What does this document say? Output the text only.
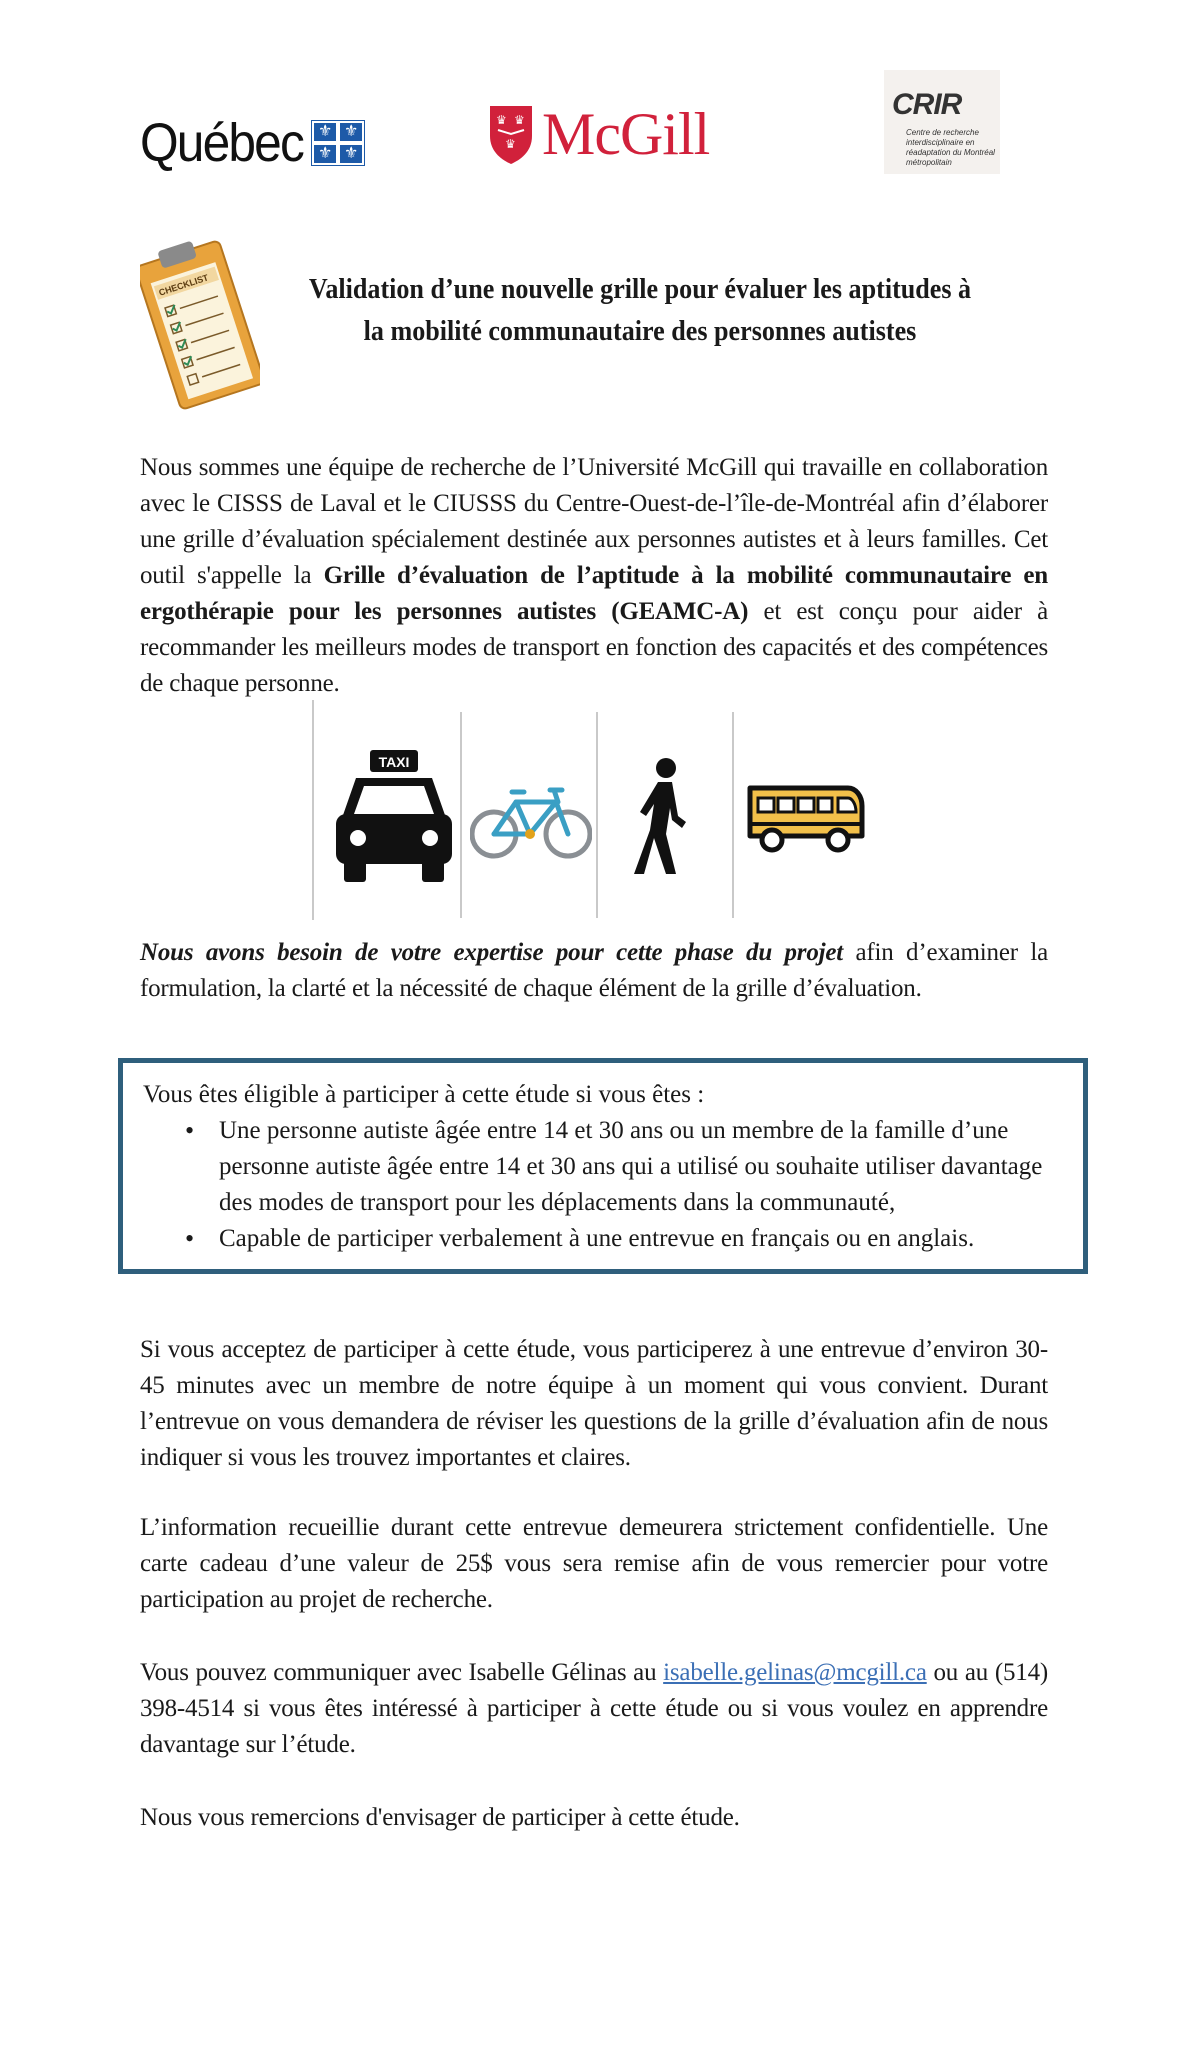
Québec ⚜ ⚜
⚜ ⚜
♛ ♛
♛ McGill	CRIR
Centre de recherche interdisciplinaire en réadaptation du Montréal métropolitain
CHECKLIST	Validation d’une nouvelle grille pour évaluer les aptitudes à
la mobilité communautaire des personnes autistes
Nous sommes une équipe de recherche de l’Université McGill qui travaille en collaboration avec le CISSS de Laval et le CIUSSS du Centre-Ouest-de-l’île-de-Montréal afin d’élaborer une grille d’évaluation spécialement destinée aux personnes autistes et à leurs familles. Cet outil s'appelle la Grille d’évaluation de l’aptitude à la mobilité communautaire en ergothérapie pour les personnes autistes (GEAMC-A) et est conçu pour aider à recommander les meilleurs modes de transport en fonction des capacités et des compétences de chaque personne.
TAXI
Nous avons besoin de votre expertise pour cette phase du projet afin d’examiner la formulation, la clarté et la nécessité de chaque élément de la grille d’évaluation.
Vous êtes éligible à participer à cette étude si vous êtes :
• Une personne autiste âgée entre 14 et 30 ans ou un membre de la famille d’une personne autiste âgée entre 14 et 30 ans qui a utilisé ou souhaite utiliser davantage des modes de transport pour les déplacements dans la communauté,
• Capable de participer verbalement à une entrevue en français ou en anglais.
Si vous acceptez de participer à cette étude, vous participerez à une entrevue d’environ 30-45 minutes avec un membre de notre équipe à un moment qui vous convient. Durant l’entrevue on vous demandera de réviser les questions de la grille d’évaluation afin de nous indiquer si vous les trouvez importantes et claires.
L’information recueillie durant cette entrevue demeurera strictement confidentielle. Une carte cadeau d’une valeur de 25$ vous sera remise afin de vous remercier pour votre participation au projet de recherche.
Vous pouvez communiquer avec Isabelle Gélinas au isabelle.gelinas@mcgill.ca ou au (514) 398-4514 si vous êtes intéressé à participer à cette étude ou si vous voulez en apprendre davantage sur l’étude.
Nous vous remercions d'envisager de participer à cette étude.
